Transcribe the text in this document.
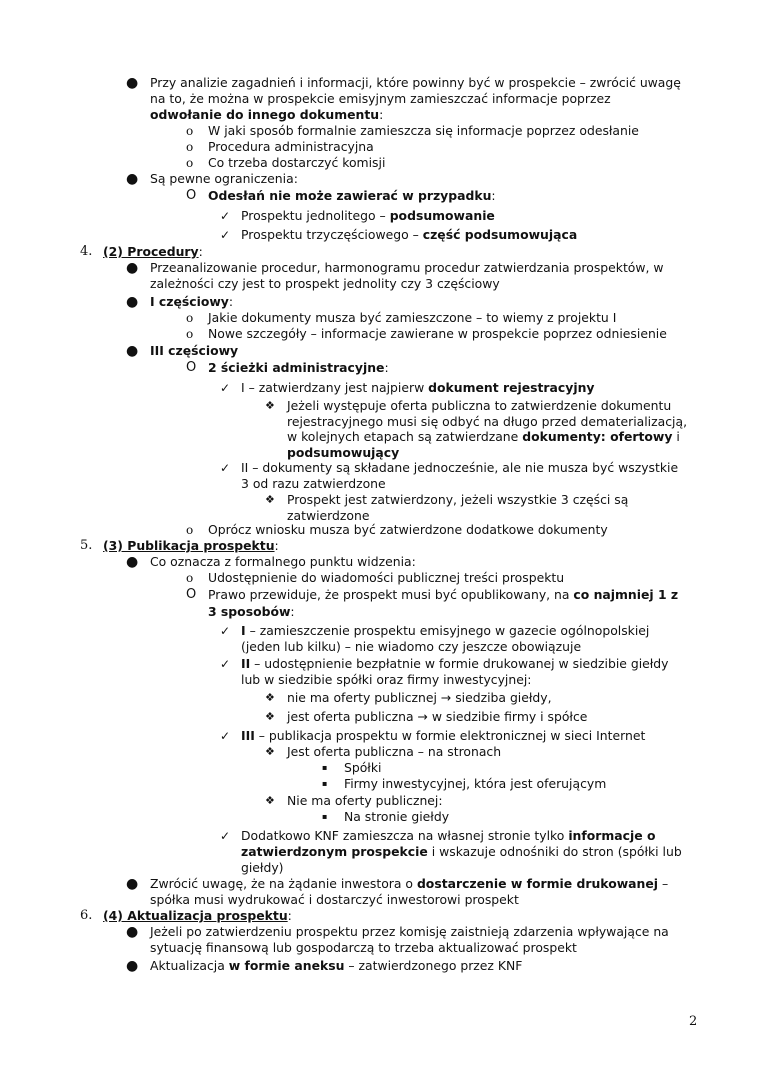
● Przy analizie zagadnień i informacji, które powinny być w prospekcie – zwrócić uwagę
na to, że można w prospekcie emisyjnym zamieszczać informacje poprzez
odwołanie do innego dokumentu:
o W jaki sposób formalnie zamieszcza się informacje poprzez odesłanie
o Procedura administracyjna
o Co trzeba dostarczyć komisji
● Są pewne ograniczenia:
O Odesłań nie może zawierać w przypadku:
✓ Prospektu jednolitego – podsumowanie
✓ Prospektu trzyczęściowego – część podsumowująca
4. (2) Procedury:
● Przeanalizowanie procedur, harmonogramu procedur zatwierdzania prospektów, w
zależności czy jest to prospekt jednolity czy 3 częściowy
● I częściowy:
o Jakie dokumenty musza być zamieszczone – to wiemy z projektu I
o Nowe szczegóły – informacje zawierane w prospekcie poprzez odniesienie
● III częściowy
O 2 ścieżki administracyjne:
✓ I – zatwierdzany jest najpierw dokument rejestracyjny
❖ Jeżeli występuje oferta publiczna to zatwierdzenie dokumentu
rejestracyjnego musi się odbyć na długo przed dematerializacją,
w kolejnych etapach są zatwierdzane dokumenty: ofertowy i
podsumowujący
✓ II – dokumenty są składane jednocześnie, ale nie musza być wszystkie
3 od razu zatwierdzone
❖ Prospekt jest zatwierdzony, jeżeli wszystkie 3 części są
zatwierdzone
o Oprócz wniosku musza być zatwierdzone dodatkowe dokumenty
5. (3) Publikacja prospektu:
● Co oznacza z formalnego punktu widzenia:
o Udostępnienie do wiadomości publicznej treści prospektu
O Prawo przewiduje, że prospekt musi być opublikowany, na co najmniej 1 z
3 sposobów:
✓ I – zamieszczenie prospektu emisyjnego w gazecie ogólnopolskiej
(jeden lub kilku) – nie wiadomo czy jeszcze obowiązuje
✓ II – udostępnienie bezpłatnie w formie drukowanej w siedzibie giełdy
lub w siedzibie spółki oraz firmy inwestycyjnej:
❖ nie ma oferty publicznej → siedziba giełdy,
❖ jest oferta publiczna → w siedzibie firmy i spółce
✓ III – publikacja prospektu w formie elektronicznej w sieci Internet
❖ Jest oferta publiczna – na stronach
▪ Spółki
▪ Firmy inwestycyjnej, która jest oferującym
❖ Nie ma oferty publicznej:
▪ Na stronie giełdy
✓ Dodatkowo KNF zamieszcza na własnej stronie tylko informacje o
zatwierdzonym prospekcie i wskazuje odnośniki do stron (spółki lub
giełdy)
● Zwrócić uwagę, że na żądanie inwestora o dostarczenie w formie drukowanej –
spółka musi wydrukować i dostarczyć inwestorowi prospekt
6. (4) Aktualizacja prospektu:
● Jeżeli po zatwierdzeniu prospektu przez komisję zaistnieją zdarzenia wpływające na
sytuację finansową lub gospodarczą to trzeba aktualizować prospekt
● Aktualizacja w formie aneksu – zatwierdzonego przez KNF
2
